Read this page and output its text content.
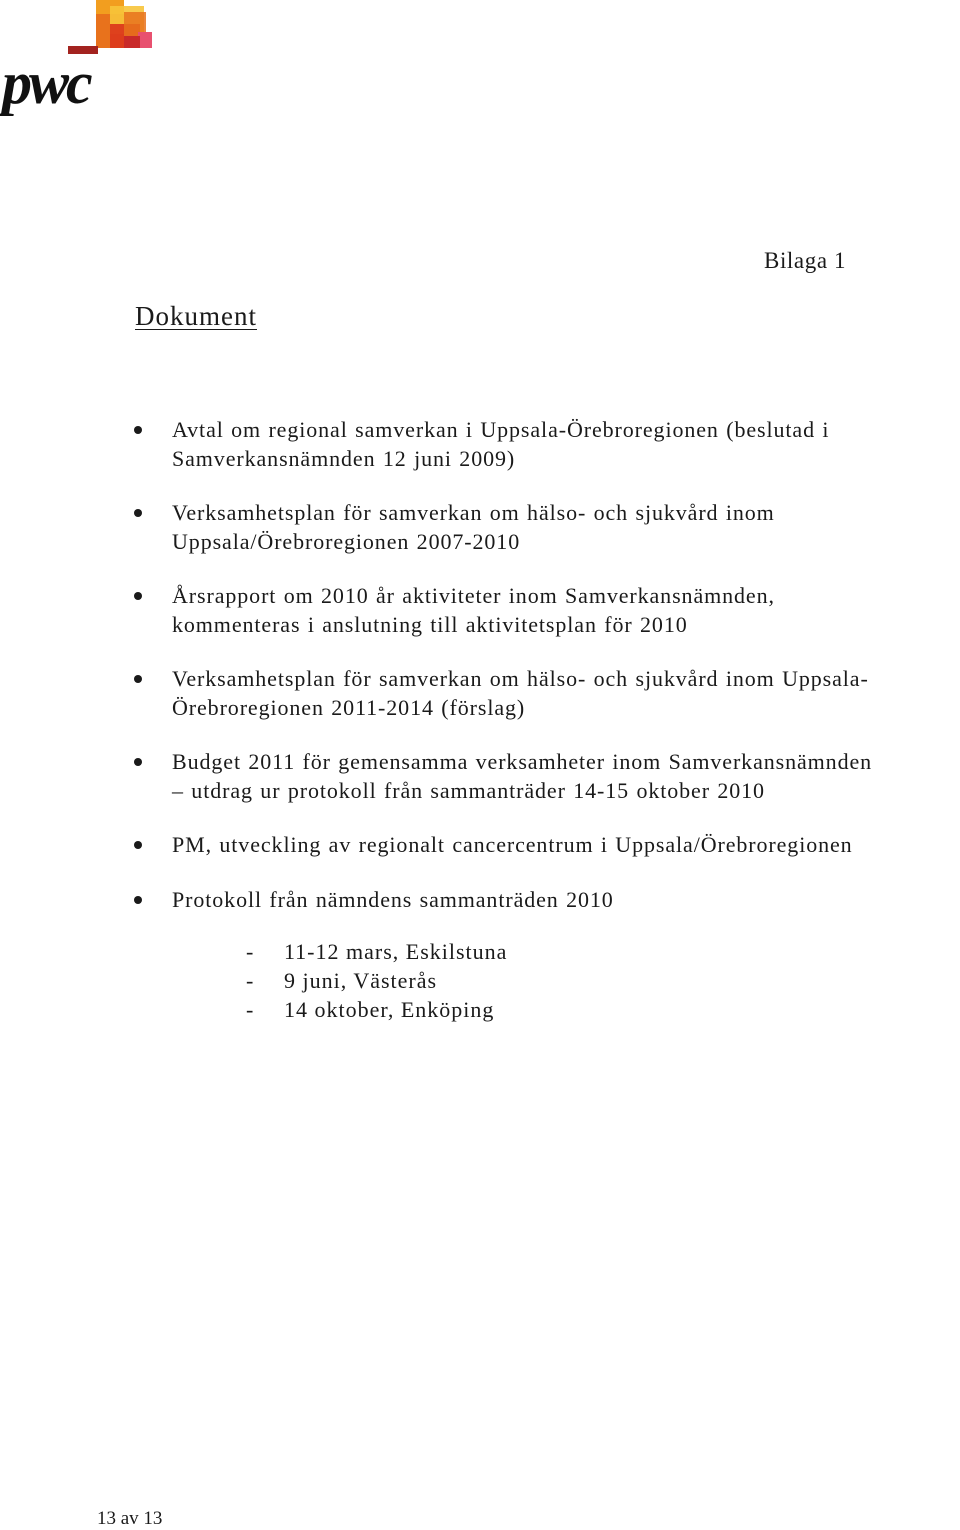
pwc
Bilaga 1
Dokument
Avtal om regional samverkan i Uppsala-Örebroregionen (beslutad i
Samverkansnämnden 12 juni 2009)
Verksamhetsplan för samverkan om hälso- och sjukvård inom
Uppsala/Örebroregionen 2007-2010
Årsrapport om 2010 år aktiviteter inom Samverkansnämnden,
kommenteras i anslutning till aktivitetsplan för 2010
Verksamhetsplan för samverkan om hälso- och sjukvård inom Uppsala-
Örebroregionen 2011-2014 (förslag)
Budget 2011 för gemensamma verksamheter inom Samverkansnämnden
– utdrag ur protokoll från sammanträder 14-15 oktober 2010
PM, utveckling av regionalt cancercentrum i Uppsala/Örebroregionen
Protokoll från nämndens sammanträden 2010
- 11-12 mars, Eskilstuna
- 9 juni, Västerås
- 14 oktober, Enköping
13 av 13
